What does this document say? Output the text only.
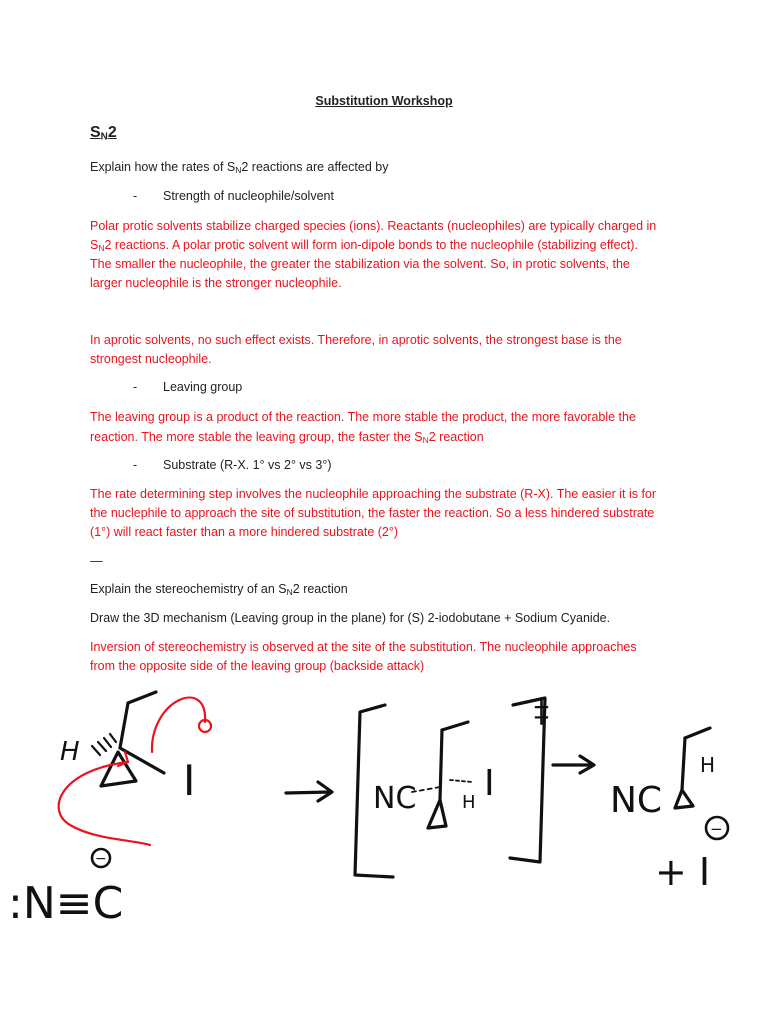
Substitution Workshop
$S_N2$

Explain how the rates of SN2 reactions are affected by

- Strength of nucleophile/solvent

Polar protic solvents stabilize charged species (ions). Reactants (nucleophiles) are typically charged in

SN2 reactions. A polar protic solvent will form ion-dipole bonds to the nucleophile (stabilizing effect).

The smaller the nucleophile, the greater the stabilization via the solvent. So, in protic solvents, the

larger nucleophile is the stronger nucleophile.

In aprotic solvents, no such effect exists. Therefore, in aprotic solvents, the strongest base is the

strongest nucleophile.

- Leaving group

The leaving group is a product of the reaction. The more stable the product, the more favorable the

reaction. The more stable the leaving group, the faster the SN2 reaction

- Substrate (R-X. 1° vs 2° vs 3°)

The rate determining step involves the nucleophile approaching the substrate (R-X). The easier it is for

the nuclephile to approach the site of substitution, the faster the reaction. So a less hindered substrate

(1°) will react faster than a more hindered substrate (2°)

—

Explain the stereochemistry of an SN2 reaction

Draw the 3D mechanism (Leaving group in the plane) for (S) 2-iodobutane + Sodium Cyanide.

Inversion of stereochemistry is observed at the site of the substitution. The nucleophile approaches

from the opposite side of the leaving group (backside attack)

H
I
:N≡C
−
NC	H I
‡
NC
H
+ I
−
